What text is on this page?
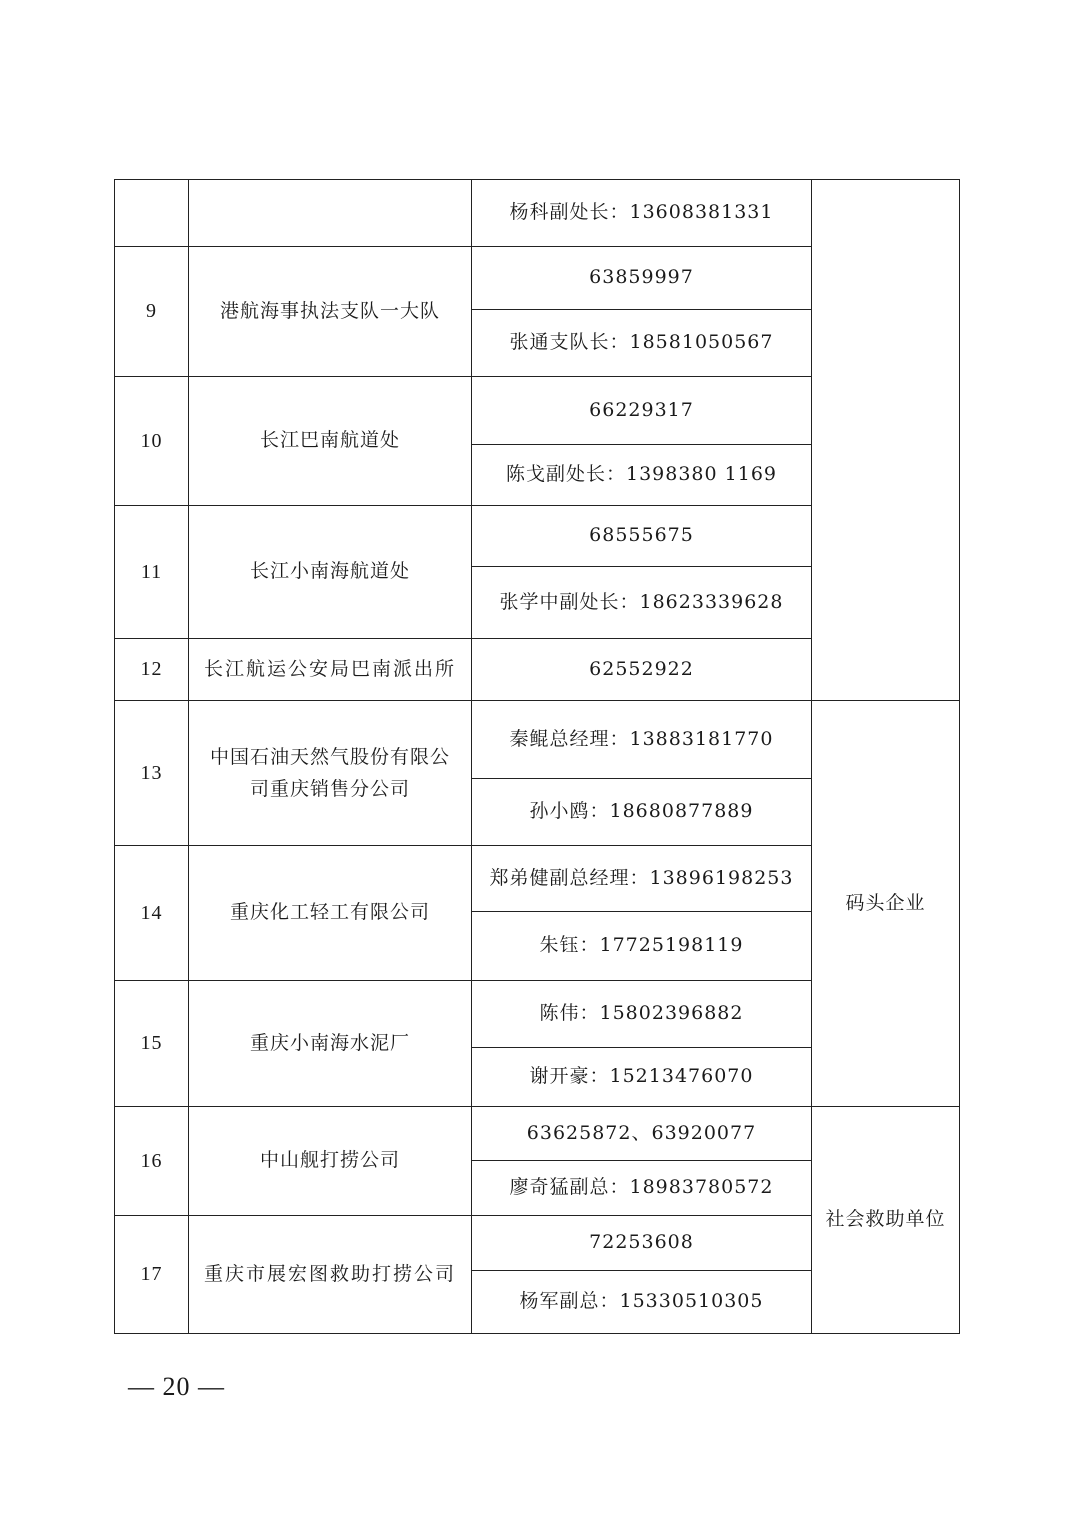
		杨科副处长：13608381331	
9	港航海事执法支队一大队	63859997	
		张通支队长：18581050567	
10	长江巴南航道处	66229317	
		陈戈副处长：1398380 1169	
11	长江小南海航道处	68555675	
		张学中副处长：18623339628	
12	长江航运公安局巴南派出所	62552922	
13	中国石油天然气股份有限公司重庆销售分公司	秦鲲总经理：13883181770	码头企业
		孙小鸥：18680877889	
14	重庆化工轻工有限公司	郑弟健副总经理：13896198253	
		朱钰：17725198119	
15	重庆小南海水泥厂	陈伟：15802396882	
		谢开豪：15213476070	
16	中山舰打捞公司	63625872、63920077	社会救助单位
		廖奇猛副总：18983780572	
17	重庆市展宏图救助打捞公司	72253608	
		杨军副总：15330510305	
— 20 —
